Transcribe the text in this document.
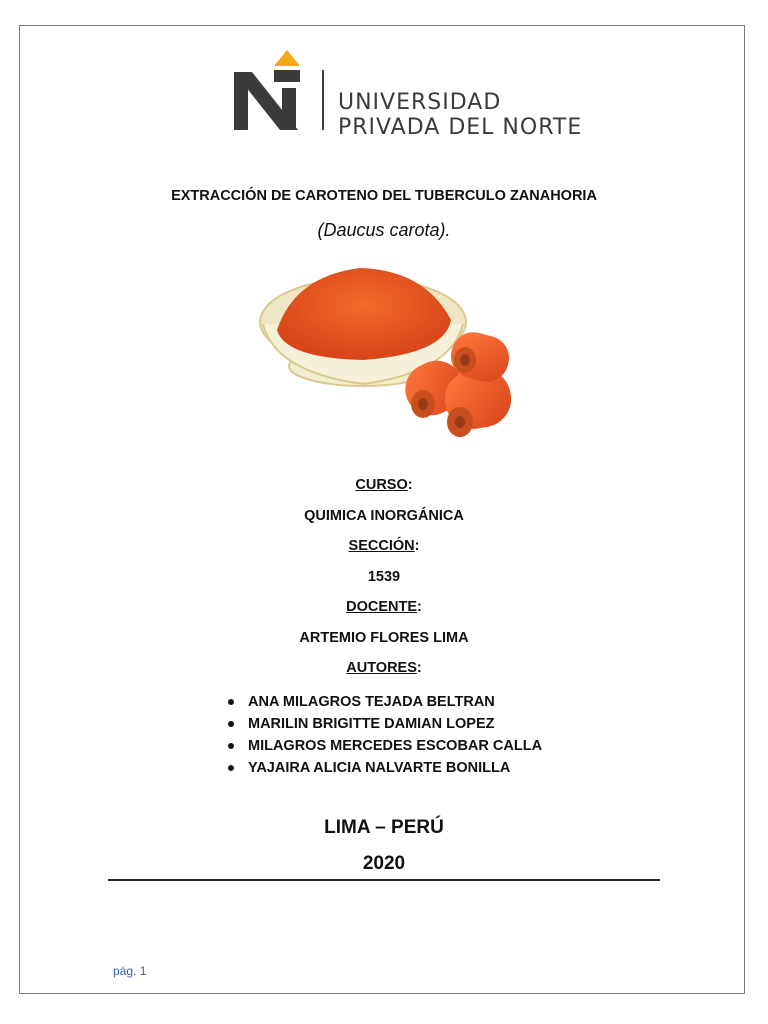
UNIVERSIDAD
PRIVADA DEL NORTE
EXTRACCIÓN DE CAROTENO DEL TUBERCULO ZANAHORIA
(Daucus carota).
CURSO:
QUIMICA INORGÁNICA
SECCIÓN:
1539
DOCENTE:
ARTEMIO FLORES LIMA
AUTORES:
ANA MILAGROS TEJADA BELTRAN
MARILIN BRIGITTE DAMIAN LOPEZ
MILAGROS MERCEDES ESCOBAR CALLA
YAJAIRA ALICIA NALVARTE BONILLA
LIMA – PERÚ
2020
pág. 1
